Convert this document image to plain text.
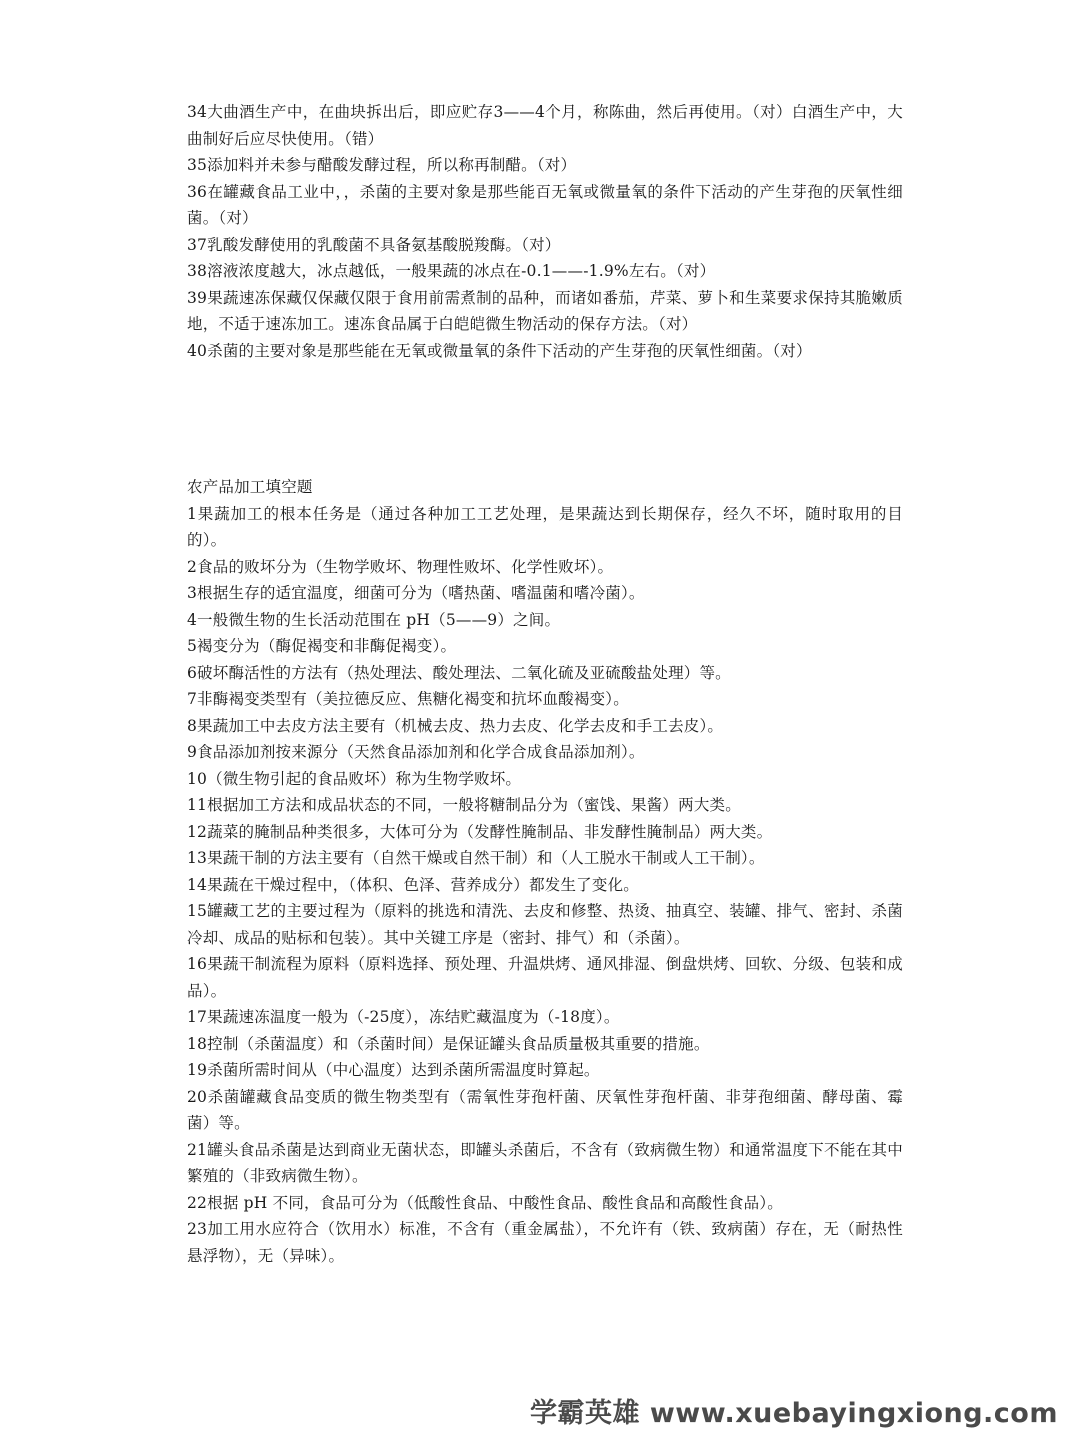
34大曲酒生产中，在曲块拆出后，即应贮存3——4个月，称陈曲，然后再使用。（对）白酒生产中，大曲制好后应尽快使用。（错）

35添加料并未参与醋酸发酵过程，所以称再制醋。（对）

36在罐藏食品工业中，，杀菌的主要对象是那些能百无氧或微量氧的条件下活动的产生芽孢的厌氧性细菌。（对）

37乳酸发酵使用的乳酸菌不具备氨基酸脱羧酶。（对）

38溶液浓度越大，冰点越低，一般果蔬的冰点在-0.1——-1.9%左右。（对）

39果蔬速冻保藏仅保藏仅限于食用前需煮制的品种，而诸如番茄，芹菜、萝卜和生菜要求保持其脆嫩质地，不适于速冻加工。速冻食品属于白皑皑微生物活动的保存方法。（对）

40杀菌的主要对象是那些能在无氧或微量氧的条件下活动的产生芽孢的厌氧性细菌。（对）

农产品加工填空题

1果蔬加工的根本任务是（通过各种加工工艺处理，是果蔬达到长期保存，经久不坏，随时取用的目的）。

2食品的败坏分为（生物学败坏、物理性败坏、化学性败坏）。

3根据生存的适宜温度，细菌可分为（嗜热菌、嗜温菌和嗜冷菌）。

4一般微生物的生长活动范围在 pH（5——9）之间。

5褐变分为（酶促褐变和非酶促褐变）。

6破坏酶活性的方法有（热处理法、酸处理法、二氧化硫及亚硫酸盐处理）等。

7非酶褐变类型有（美拉德反应、焦糖化褐变和抗坏血酸褐变）。

8果蔬加工中去皮方法主要有（机械去皮、热力去皮、化学去皮和手工去皮）。

9食品添加剂按来源分（天然食品添加剂和化学合成食品添加剂）。

10（微生物引起的食品败坏）称为生物学败坏。

11根据加工方法和成品状态的不同，一般将糖制品分为（蜜饯、果酱）两大类。

12蔬菜的腌制品种类很多，大体可分为（发酵性腌制品、非发酵性腌制品）两大类。

13果蔬干制的方法主要有（自然干燥或自然干制）和（人工脱水干制或人工干制）。

14果蔬在干燥过程中，（体积、色泽、营养成分）都发生了变化。

15罐藏工艺的主要过程为（原料的挑选和清洗、去皮和修整、热烫、抽真空、装罐、排气、密封、杀菌冷却、成品的贴标和包装）。其中关键工序是（密封、排气）和（杀菌）。

16果蔬干制流程为原料（原料选择、预处理、升温烘烤、通风排湿、倒盘烘烤、回软、分级、包装和成品）。

17果蔬速冻温度一般为（-25度），冻结贮藏温度为（-18度）。

18控制（杀菌温度）和（杀菌时间）是保证罐头食品质量极其重要的措施。

19杀菌所需时间从（中心温度）达到杀菌所需温度时算起。

20杀菌罐藏食品变质的微生物类型有（需氧性芽孢杆菌、厌氧性芽孢杆菌、非芽孢细菌、酵母菌、霉菌）等。

21罐头食品杀菌是达到商业无菌状态，即罐头杀菌后，不含有（致病微生物）和通常温度下不能在其中繁殖的（非致病微生物）。

22根据 pH 不同，食品可分为（低酸性食品、中酸性食品、酸性食品和高酸性食品）。

23加工用水应符合（饮用水）标准，不含有（重金属盐），不允许有（铁、致病菌）存在，无（耐热性悬浮物），无（异味）。

学霸英雄 www.xuebayingxiong.com
